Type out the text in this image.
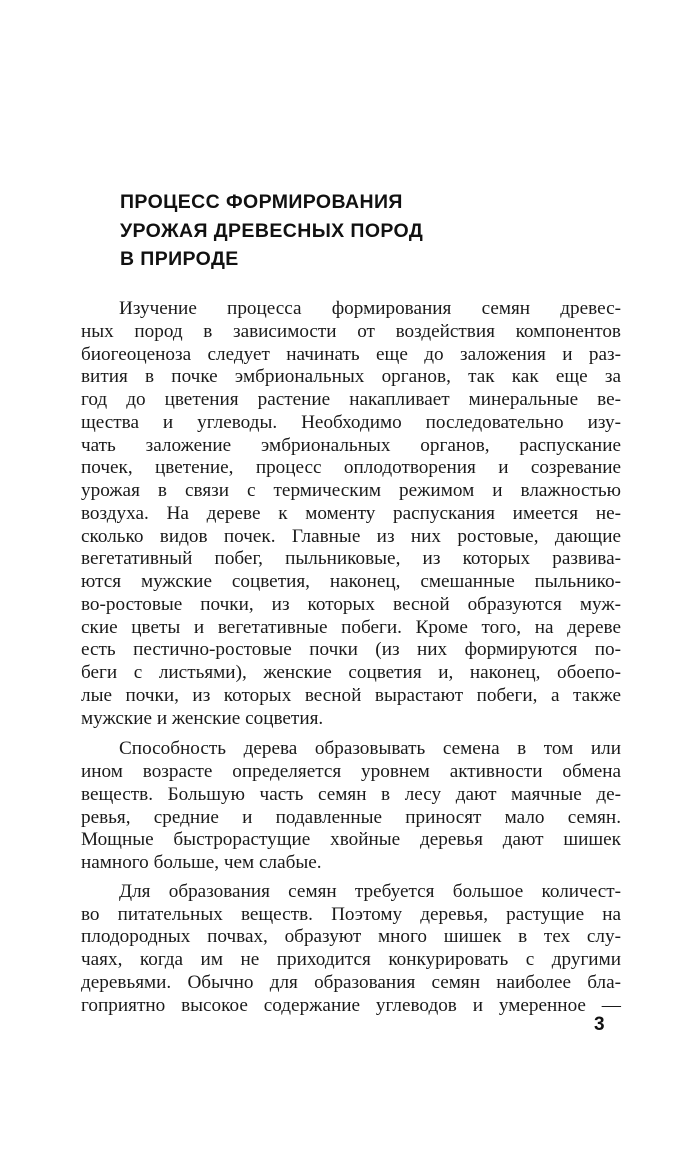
ПРОЦЕСС ФОРМИРОВАНИЯ
УРОЖАЯ ДРЕВЕСНЫХ ПОРОД
В ПРИРОДЕ

Изучение процесса формирования семян древес-
ных пород в зависимости от воздействия компонентов
биогеоценоза следует начинать еще до заложения и раз-
вития в почке эмбриональных органов, так как еще за
год до цветения растение накапливает минеральные ве-
щества и углеводы. Необходимо последовательно изу-
чать заложение эмбриональных органов, распускание
почек, цветение, процесс оплодотворения и созревание
урожая в связи с термическим режимом и влажностью
воздуха. На дереве к моменту распускания имеется не-
сколько видов почек. Главные из них ростовые, дающие
вегетативный побег, пыльниковые, из которых развива-
ются мужские соцветия, наконец, смешанные пыльнико-
во-ростовые почки, из которых весной образуются муж-
ские цветы и вегетативные побеги. Кроме того, на дереве
есть пестично-ростовые почки (из них формируются по-
беги с листьями), женские соцветия и, наконец, обоепо-
лые почки, из которых весной вырастают побеги, а также
мужские и женские соцветия.

Способность дерева образовывать семена в том или
ином возрасте определяется уровнем активности обмена
веществ. Большую часть семян в лесу дают маячные де-
ревья, средние и подавленные приносят мало семян.
Мощные быстрорастущие хвойные деревья дают шишек
намного больше, чем слабые.

Для образования семян требуется большое количест-
во питательных веществ. Поэтому деревья, растущие на
плодородных почвах, образуют много шишек в тех слу-
чаях, когда им не приходится конкурировать с другими
деревьями. Обычно для образования семян наиболее бла-
гоприятно высокое содержание углеводов и умеренное —

3
